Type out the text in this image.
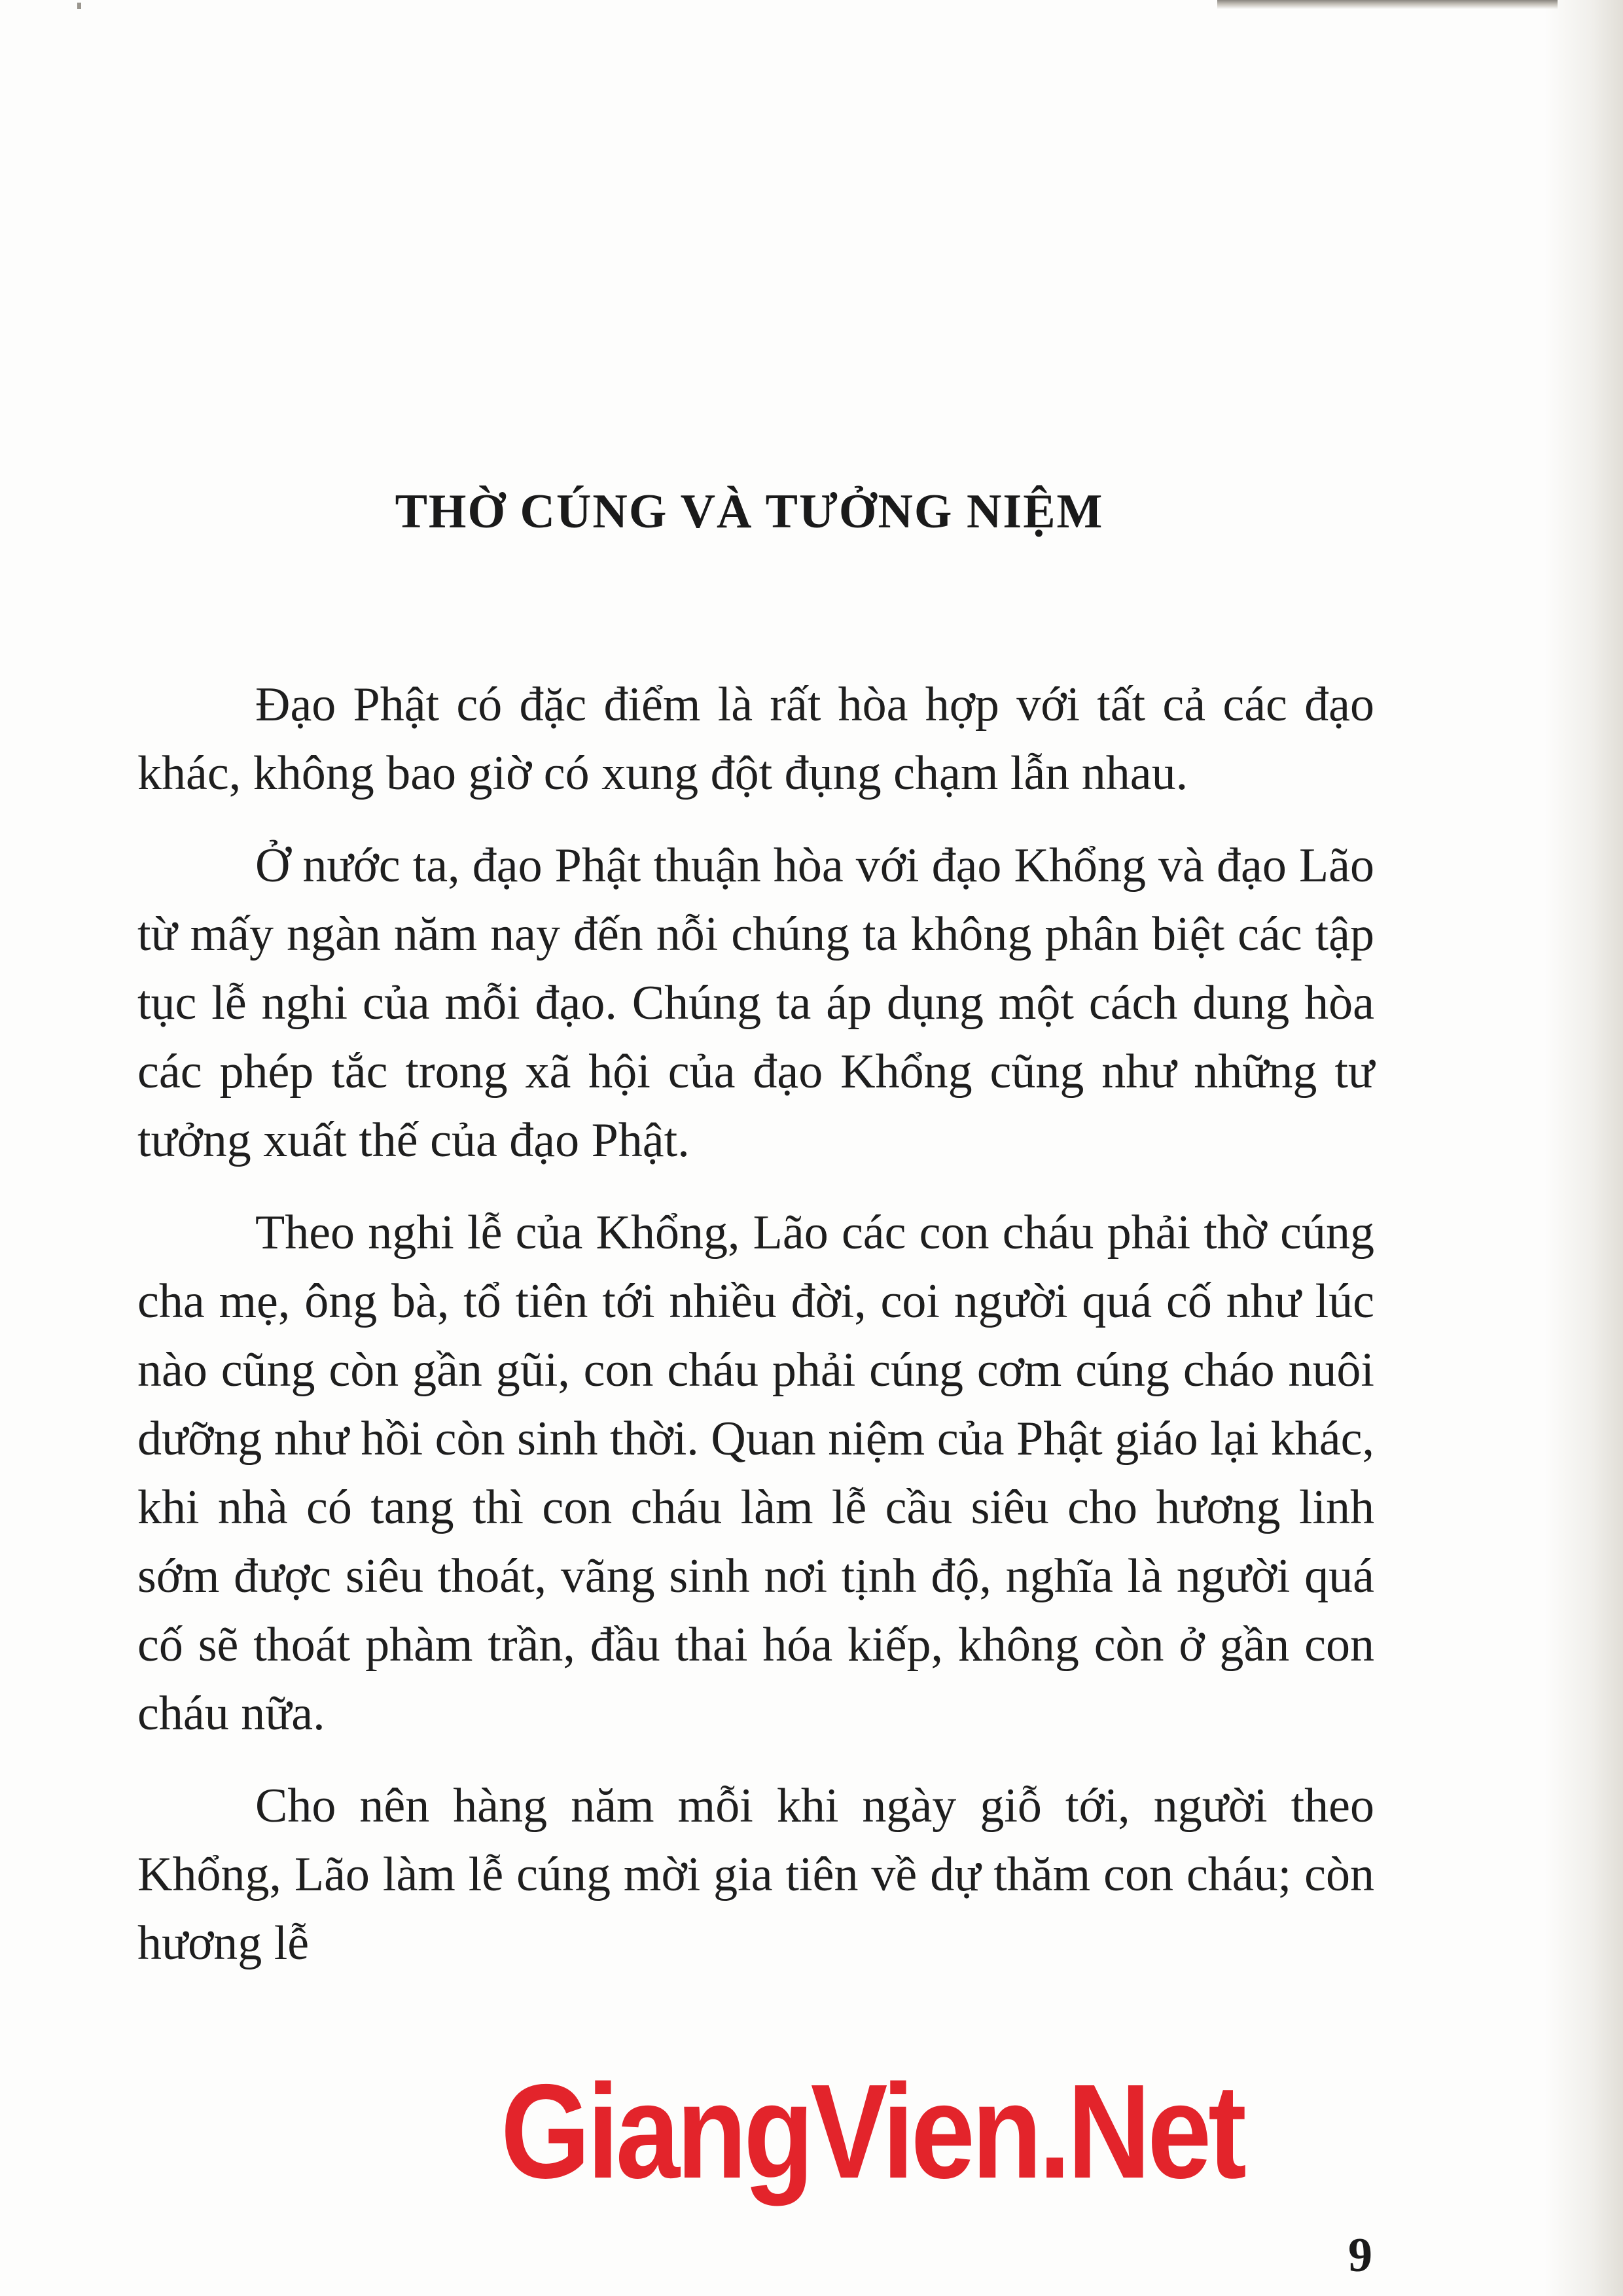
THỜ CÚNG VÀ TƯỞNG NIỆM

Đạo Phật có đặc điểm là rất hòa hợp với tất cả các đạo khác, không bao giờ có xung đột đụng chạm lẫn nhau.

Ở nước ta, đạo Phật thuận hòa với đạo Khổng và đạo Lão từ mấy ngàn năm nay đến nỗi chúng ta không phân biệt các tập tục lễ nghi của mỗi đạo. Chúng ta áp dụng một cách dung hòa các phép tắc trong xã hội của đạo Khổng cũng như những tư tưởng xuất thế của đạo Phật.

Theo nghi lễ của Khổng, Lão các con cháu phải thờ cúng cha mẹ, ông bà, tổ tiên tới nhiều đời, coi người quá cố như lúc nào cũng còn gần gũi, con cháu phải cúng cơm cúng cháo nuôi dưỡng như hồi còn sinh thời. Quan niệm của Phật giáo lại khác, khi nhà có tang thì con cháu làm lễ cầu siêu cho hương linh sớm được siêu thoát, vãng sinh nơi tịnh độ, nghĩa là người quá cố sẽ thoát phàm trần, đầu thai hóa kiếp, không còn ở gần con cháu nữa.

Cho nên hàng năm mỗi khi ngày giỗ tới, người theo Khổng, Lão làm lễ cúng mời gia tiên về dự thăm con cháu; còn hương lễ

GiangVien.Net
9
